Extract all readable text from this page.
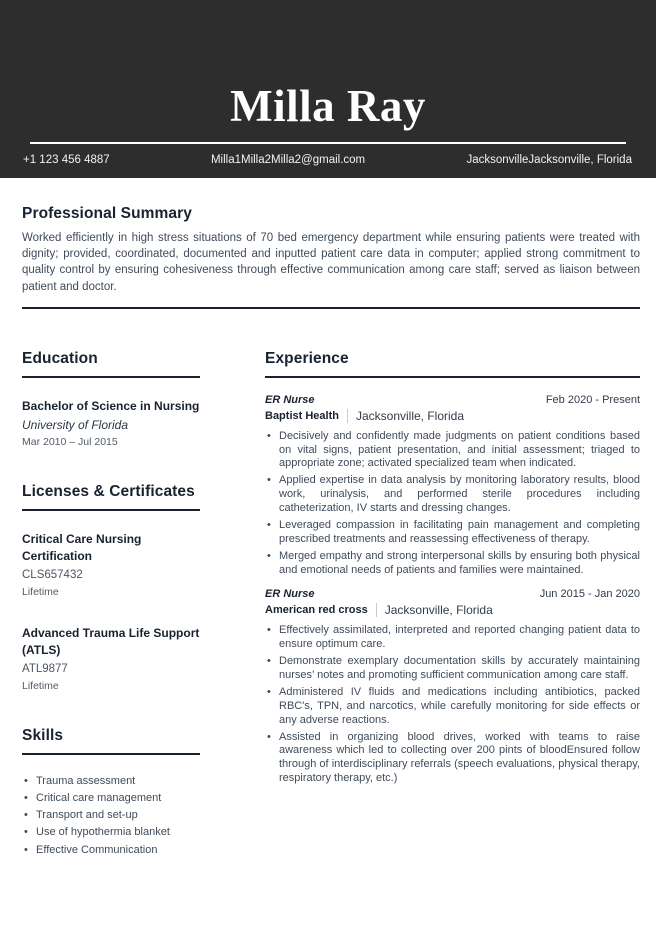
Milla Ray
+1 123 456 4887	Milla1Milla2Milla2@gmail.com	JacksonvilleJacksonville, Florida
Professional Summary

Worked efficiently in high stress situations of 70 bed emergency department while ensuring patients were treated with dignity; provided, coordinated, documented and inputted patient care data in computer; applied strong commitment to quality control by ensuring cohesiveness through effective communication among care staff; served as liaison between patient and doctor.

Education
Bachelor of Science in Nursing
University of Florida
Mar 2010 – Jul 2015
Licenses & Certificates
Critical Care Nursing Certification
CLS657432
Lifetime
Advanced Trauma Life Support (ATLS)
ATL9877
Lifetime
Skills
• Trauma assessment
• Critical care management
• Transport and set-up
• Use of hypothermia blanket
• Effective Communication
Experience
ER Nurse	Feb 2020 - Present
Baptist Health Jacksonville, Florida
• Decisively and confidently made judgments on patient conditions based on vital signs, patient presentation, and initial assessment; triaged to appropriate zone; activated specialized team when indicated.
• Applied expertise in data analysis by monitoring laboratory results, blood work, urinalysis, and performed sterile procedures including catheterization, IV starts and dressing changes.
• Leveraged compassion in facilitating pain management and completing prescribed treatments and reassessing effectiveness of therapy.
• Merged empathy and strong interpersonal skills by ensuring both physical and emotional needs of patients and families were maintained.
ER Nurse	Jun 2015 - Jan 2020
American red cross Jacksonville, Florida
• Effectively assimilated, interpreted and reported changing patient data to ensure optimum care.
• Demonstrate exemplary documentation skills by accurately maintaining nurses’ notes and promoting sufficient communication among care staff.
• Administered IV fluids and medications including antibiotics, packed RBC's, TPN, and narcotics, while carefully monitoring for side effects or any adverse reactions.
• Assisted in organizing blood drives, worked with teams to raise awareness which led to collecting over 200 pints of bloodEnsured follow through of interdisciplinary referrals (speech evaluations, physical therapy, respiratory therapy, etc.)
